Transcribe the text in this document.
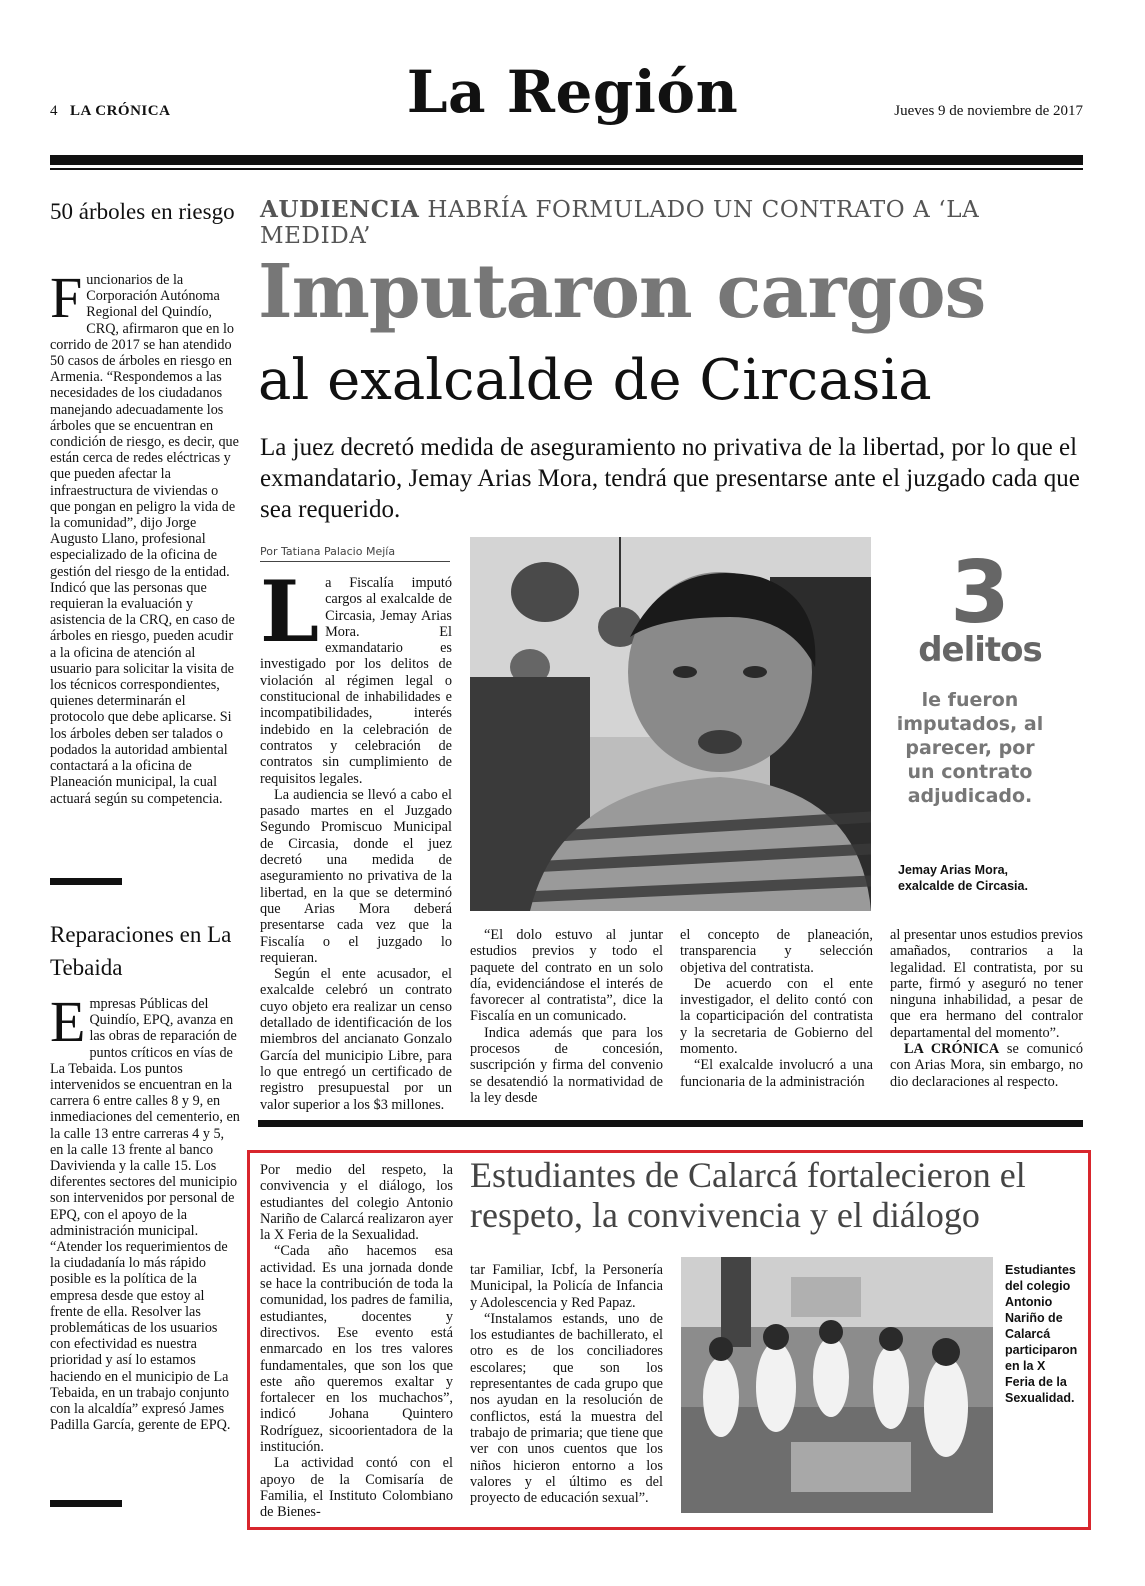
4 LA CRÓNICA	La Región	Jueves 9 de noviembre de 2017
50 árboles en riesgo
Funcionarios de la Corporación Autónoma Regional del Quindío, CRQ, afirmaron que en lo corrido de 2017 se han atendido 50 casos de árboles en riesgo en Armenia. “Respondemos a las necesidades de los ciudadanos manejando adecuadamente los árboles que se encuentran en condición de riesgo, es decir, que están cerca de redes eléctricas y que pueden afectar la infraestructura de viviendas o que pongan en peligro la vida de la comunidad”, dijo Jorge Augusto Llano, profesional especializado de la oficina de gestión del riesgo de la entidad. Indicó que las personas que requieran la evaluación y asistencia de la CRQ, en caso de árboles en riesgo, pueden acudir a la oficina de atención al usuario para solicitar la visita de los técnicos correspondientes, quienes determinarán el protocolo que debe aplicarse. Si los árboles deben ser talados o podados la autoridad ambiental contactará a la oficina de Planeación municipal, la cual actuará según su competencia.
Reparaciones en La Tebaida
Empresas Públicas del Quindío, EPQ, avanza en las obras de reparación de puntos críticos en vías de La Tebaida. Los puntos intervenidos se encuentran en la carrera 6 entre calles 8 y 9, en inmediaciones del cementerio, en la calle 13 entre carreras 4 y 5, en la calle 13 frente al banco Davivienda y la calle 15. Los diferentes sectores del municipio son intervenidos por personal de EPQ, con el apoyo de la administración municipal. “Atender los requerimientos de la ciudadanía lo más rápido posible es la política de la empresa desde que estoy al frente de ella. Resolver las problemáticas de los usuarios con efectividad es nuestra prioridad y así lo estamos haciendo en el municipio de La Tebaida, en un trabajo conjunto con la alcaldía” expresó James Padilla García, gerente de EPQ.
AUDIENCIA HABRÍA FORMULADO UN CONTRATO A ‘LA MEDIDA’
Imputaron cargos
al exalcalde de Circasia
La juez decretó medida de aseguramiento no privativa de la libertad, por lo que el exmandatario, Jemay Arias Mora, tendrá que presentarse ante el juzgado cada que sea requerido.
Por Tatiana Palacio Mejía

La Fiscalía imputó cargos al exalcalde de Circasia, Jemay Arias Mora. El exmandatario es investigado por los delitos de violación al régimen legal o constitucional de inhabilidades e incompatibilidades, interés indebido en la celebración de contratos y celebración de contratos sin cumplimiento de requisitos legales.

La audiencia se llevó a cabo el pasado martes en el Juzgado Segundo Promiscuo Municipal de Circasia, donde el juez decretó una medida de aseguramiento no privativa de la libertad, en la que se determinó que Arias Mora deberá presentarse cada vez que la Fiscalía o el juzgado lo requieran.

Según el ente acusador, el exalcalde celebró un contrato cuyo objeto era realizar un censo detallado de identificación de los miembros del ancianato Gonzalo García del municipio Libre, para lo que entregó un certificado de registro presupuestal por un valor superior a los $3 millones.

3
delitos
le fueron imputados, al parecer, por un contrato adjudicado.
Jemay Arias Mora, exalcalde de Circasia.

“El dolo estuvo al juntar estudios previos y todo el paquete del contrato en un solo día, evidenciándose el interés de favorecer al contratista”, dice la Fiscalía en un comunicado.

Indica además que para los procesos de concesión, suscripción y firma del convenio se desatendió la normatividad de la ley desde

el concepto de planeación, transparencia y selección objetiva del contratista.

De acuerdo con el ente investigador, el delito contó con la coparticipación del contratista y la secretaria de Gobierno del momento.

“El exalcalde involucró a una funcionaria de la administración

al presentar unos estudios previos amañados, contrarios a la legalidad. El contratista, por su parte, firmó y aseguró no tener ninguna inhabilidad, a pesar de que era hermano del contralor departamental del momento”.

LA CRÓNICA se comunicó con Arias Mora, sin embargo, no dio declaraciones al respecto.

Estudiantes de Calarcá fortalecieron el respeto, la convivencia y el diálogo

Por medio del respeto, la convivencia y el diálogo, los estudiantes del colegio Antonio Nariño de Calarcá realizaron ayer la X Feria de la Sexualidad.

“Cada año hacemos esa actividad. Es una jornada donde se hace la contribución de toda la comunidad, los padres de familia, estudiantes, docentes y directivos. Ese evento está enmarcado en los tres valores fundamentales, que son los que este año queremos exaltar y fortalecer en los muchachos”, indicó Johana Quintero Rodríguez, sicoorientadora de la institución.

La actividad contó con el apoyo de la Comisaría de Familia, el Instituto Colombiano de Bienes-

tar Familiar, Icbf, la Personería Municipal, la Policía de Infancia y Adolescencia y Red Papaz.

“Instalamos estands, uno de los estudiantes de bachillerato, el otro es de los conciliadores escolares; que son los representantes de cada grupo que nos ayudan en la resolución de conflictos, está la muestra del trabajo de primaria; que tiene que ver con unos cuentos que los niños hicieron entorno a los valores y el último es del proyecto de educación sexual”.

Estudiantes del colegio Antonio Nariño de Calarcá participaron en la X Feria de la Sexualidad.
